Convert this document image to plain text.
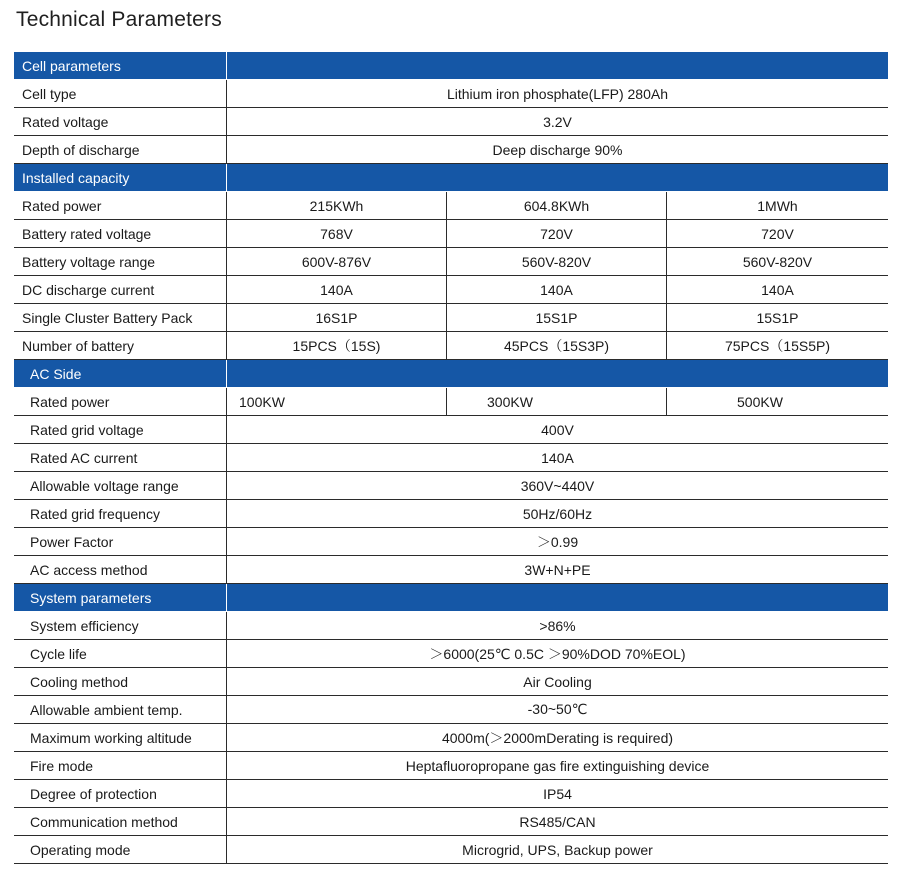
Technical Parameters
Cell parameters
Cell type	Lithium iron phosphate(LFP) 280Ah
Rated voltage	3.2V
Depth of discharge	Deep discharge 90%
Installed capacity
Rated power	215KWh	604.8KWh	1MWh
Battery rated voltage	768V	720V	720V
Battery voltage range	600V-876V	560V-820V	560V-820V
DC discharge current	140A	140A	140A
Single Cluster Battery Pack	16S1P	15S1P	15S1P
Number of battery	15PCS（15S)	45PCS（15S3P)	75PCS（15S5P)
AC Side
Rated power	100KW	300KW	500KW
Rated grid voltage	400V
Rated AC current	140A
Allowable voltage range	360V~440V
Rated grid frequency	50Hz/60Hz
Power Factor	＞0.99
AC access method	3W+N+PE
System parameters
System efficiency	>86%
Cycle life	＞6000(25℃ 0.5C ＞90%DOD 70%EOL)
Cooling method	Air Cooling
Allowable ambient temp.	-30~50℃
Maximum working altitude	4000m(＞2000mDerating is required)
Fire mode	Heptafluoropropane gas fire extinguishing device
Degree of protection	IP54
Communication method	RS485/CAN
Operating mode	Microgrid, UPS, Backup power
